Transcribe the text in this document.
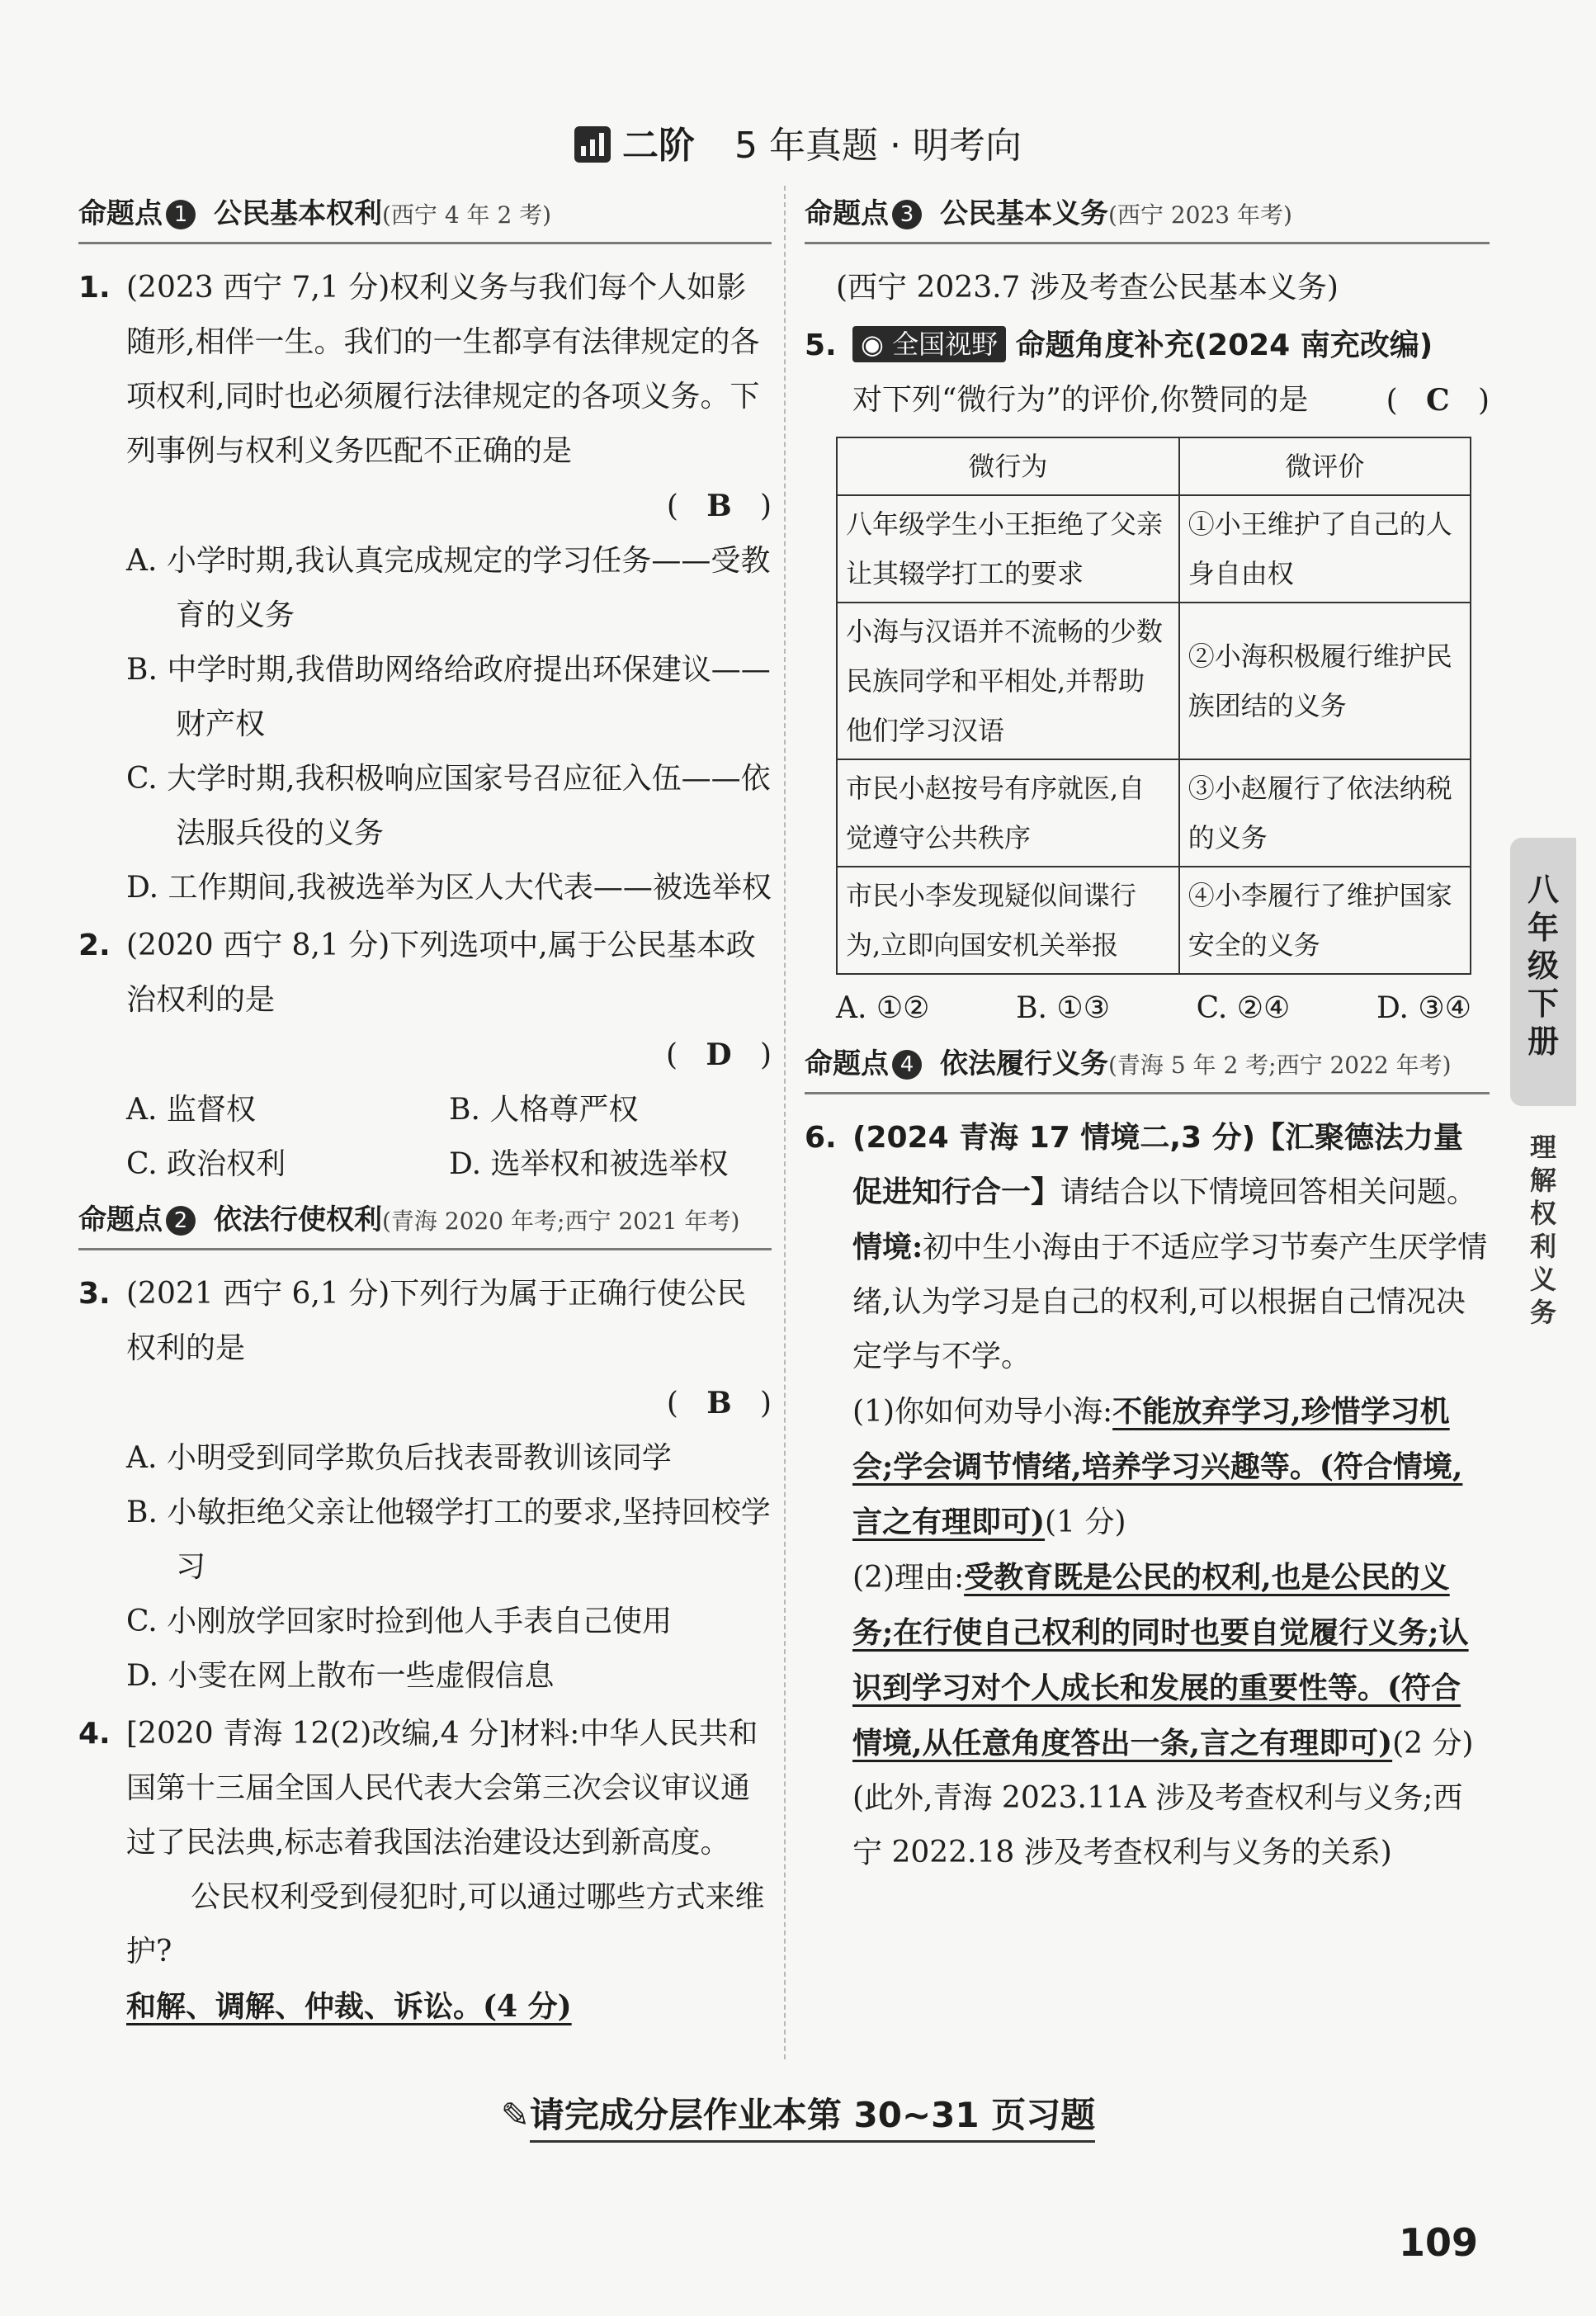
二阶 5 年真题 · 明考向
命题点 1 公民基本权利(西宁 4 年 2 考)
1. (2023 西宁 7,1 分)权利义务与我们每个人如影随形,相伴一生。我们的一生都享有法律规定的各项权利,同时也必须履行法律规定的各项义务。下列事例与权利义务匹配不正确的是
(   B   )
A. 小学时期,我认真完成规定的学习任务——受教育的义务
B. 中学时期,我借助网络给政府提出环保建议——财产权
C. 大学时期,我积极响应国家号召应征入伍——依法服兵役的义务
D. 工作期间,我被选举为区人大代表——被选举权
2. (2020 西宁 8,1 分)下列选项中,属于公民基本政治权利的是
(   D   )
A. 监督权	B. 人格尊严权
C. 政治权利	D. 选举权和被选举权
命题点 2 依法行使权利(青海 2020 年考;西宁 2021 年考)
3. (2021 西宁 6,1 分)下列行为属于正确行使公民权利的是
(   B   )
A. 小明受到同学欺负后找表哥教训该同学
B. 小敏拒绝父亲让他辍学打工的要求,坚持回校学习
C. 小刚放学回家时捡到他人手表自己使用
D. 小雯在网上散布一些虚假信息
4. [2020 青海 12(2)改编,4 分]材料:中华人民共和国第十三届全国人民代表大会第三次会议审议通过了民法典,标志着我国法治建设达到新高度。
公民权利受到侵犯时,可以通过哪些方式来维护?
和解、调解、仲裁、诉讼。(4 分)
命题点 3 公民基本义务(西宁 2023 年考)
(西宁 2023.7 涉及考查公民基本义务)
5. ◉ 全国视野 命题角度补充(2024 南充改编)
对下列“微行为”的评价,你赞同的是	(   C   )
微行为	微评价
八年级学生小王拒绝了父亲让其辍学打工的要求	①小王维护了自己的人身自由权
小海与汉语并不流畅的少数民族同学和平相处,并帮助他们学习汉语	②小海积极履行维护民族团结的义务
市民小赵按号有序就医,自觉遵守公共秩序	③小赵履行了依法纳税的义务
市民小李发现疑似间谍行为,立即向国安机关举报	④小李履行了维护国家安全的义务
A. ①②	B. ①③	C. ②④	D. ③④
命题点 4 依法履行义务(青海 5 年 2 考;西宁 2022 年考)
6. (2024 青海 17 情境二,3 分)【汇聚德法力量 促进知行合一】请结合以下情境回答相关问题。
情境:初中生小海由于不适应学习节奏产生厌学情绪,认为学习是自己的权利,可以根据自己情况决定学与不学。
(1)你如何劝导小海:不能放弃学习,珍惜学习机会;学会调节情绪,培养学习兴趣等。(符合情境,言之有理即可)(1 分)
(2)理由:受教育既是公民的权利,也是公民的义务;在行使自己权利的同时也要自觉履行义务;认识到学习对个人成长和发展的重要性等。(符合情境,从任意角度答出一条,言之有理即可)(2 分)
(此外,青海 2023.11A 涉及考查权利与义务;西宁 2022.18 涉及考查权利与义务的关系)
八年级下册
理解权利义务
✎请完成分层作业本第 30~31 页习题
109
